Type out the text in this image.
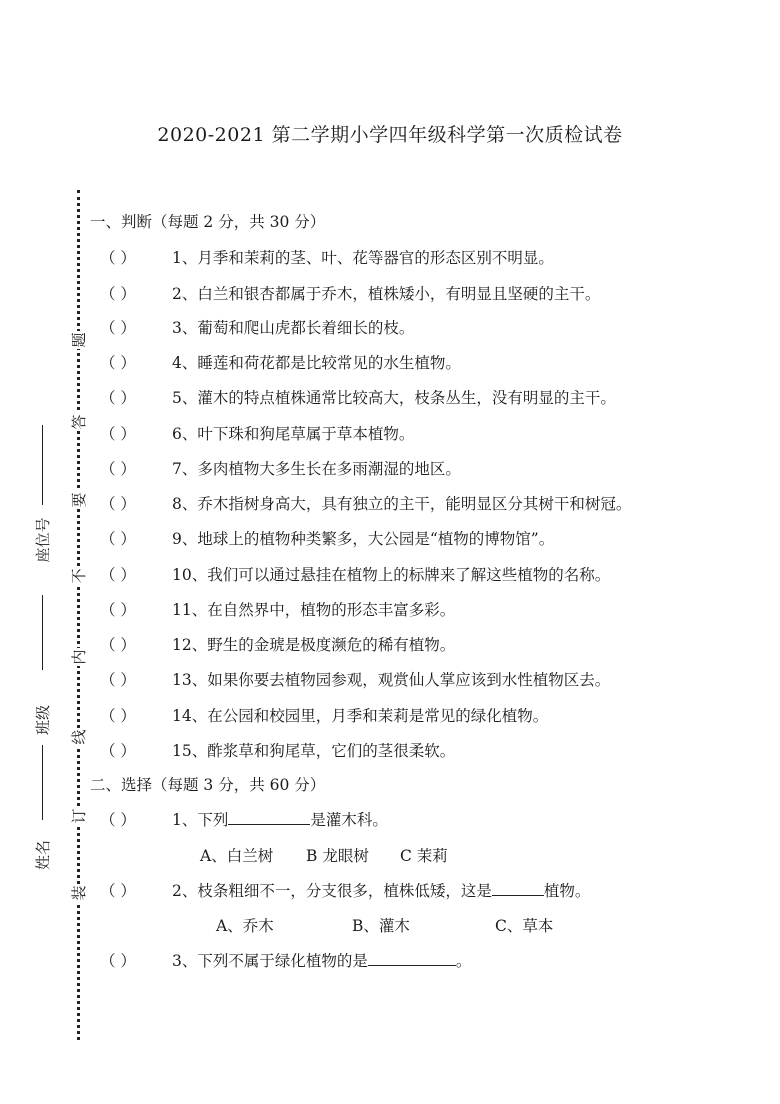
2020-2021 第二学期小学四年级科学第一次质检试卷
题
答
要
不
内
线
订
装
座位号
班级
姓名
一、判断（每题 2 分，共 30 分）
（ ） 1、月季和茉莉的茎、叶、花等器官的形态区别不明显。
（ ） 2、白兰和银杏都属于乔木，植株矮小，有明显且坚硬的主干。
（ ） 3、葡萄和爬山虎都长着细长的枝。
（ ） 4、睡莲和荷花都是比较常见的水生植物。
（ ） 5、灌木的特点植株通常比较高大，枝条丛生，没有明显的主干。
（ ） 6、叶下珠和狗尾草属于草本植物。
（ ） 7、多肉植物大多生长在多雨潮湿的地区。
（ ） 8、乔木指树身高大，具有独立的主干，能明显区分其树干和树冠。
（ ） 9、地球上的植物种类繁多，大公园是“植物的博物馆”。
（ ） 10、我们可以通过悬挂在植物上的标牌来了解这些植物的名称。
（ ） 11、在自然界中，植物的形态丰富多彩。
（ ） 12、野生的金琥是极度濒危的稀有植物。
（ ） 13、如果你要去植物园参观，观赏仙人掌应该到水性植物区去。
（ ） 14、在公园和校园里，月季和茉莉是常见的绿化植物。
（ ） 15、酢浆草和狗尾草，它们的茎很柔软。
二、选择（每题 3 分，共 60 分）
（ ） 1、下列	是灌木科。
A、白兰树 B 龙眼树 C 茉莉
（ ） 2、枝条粗细不一，分支很多，植株低矮，这是	植物。
A、乔木	B、灌木	C、草本
（ ） 3、下列不属于绿化植物的是	。
